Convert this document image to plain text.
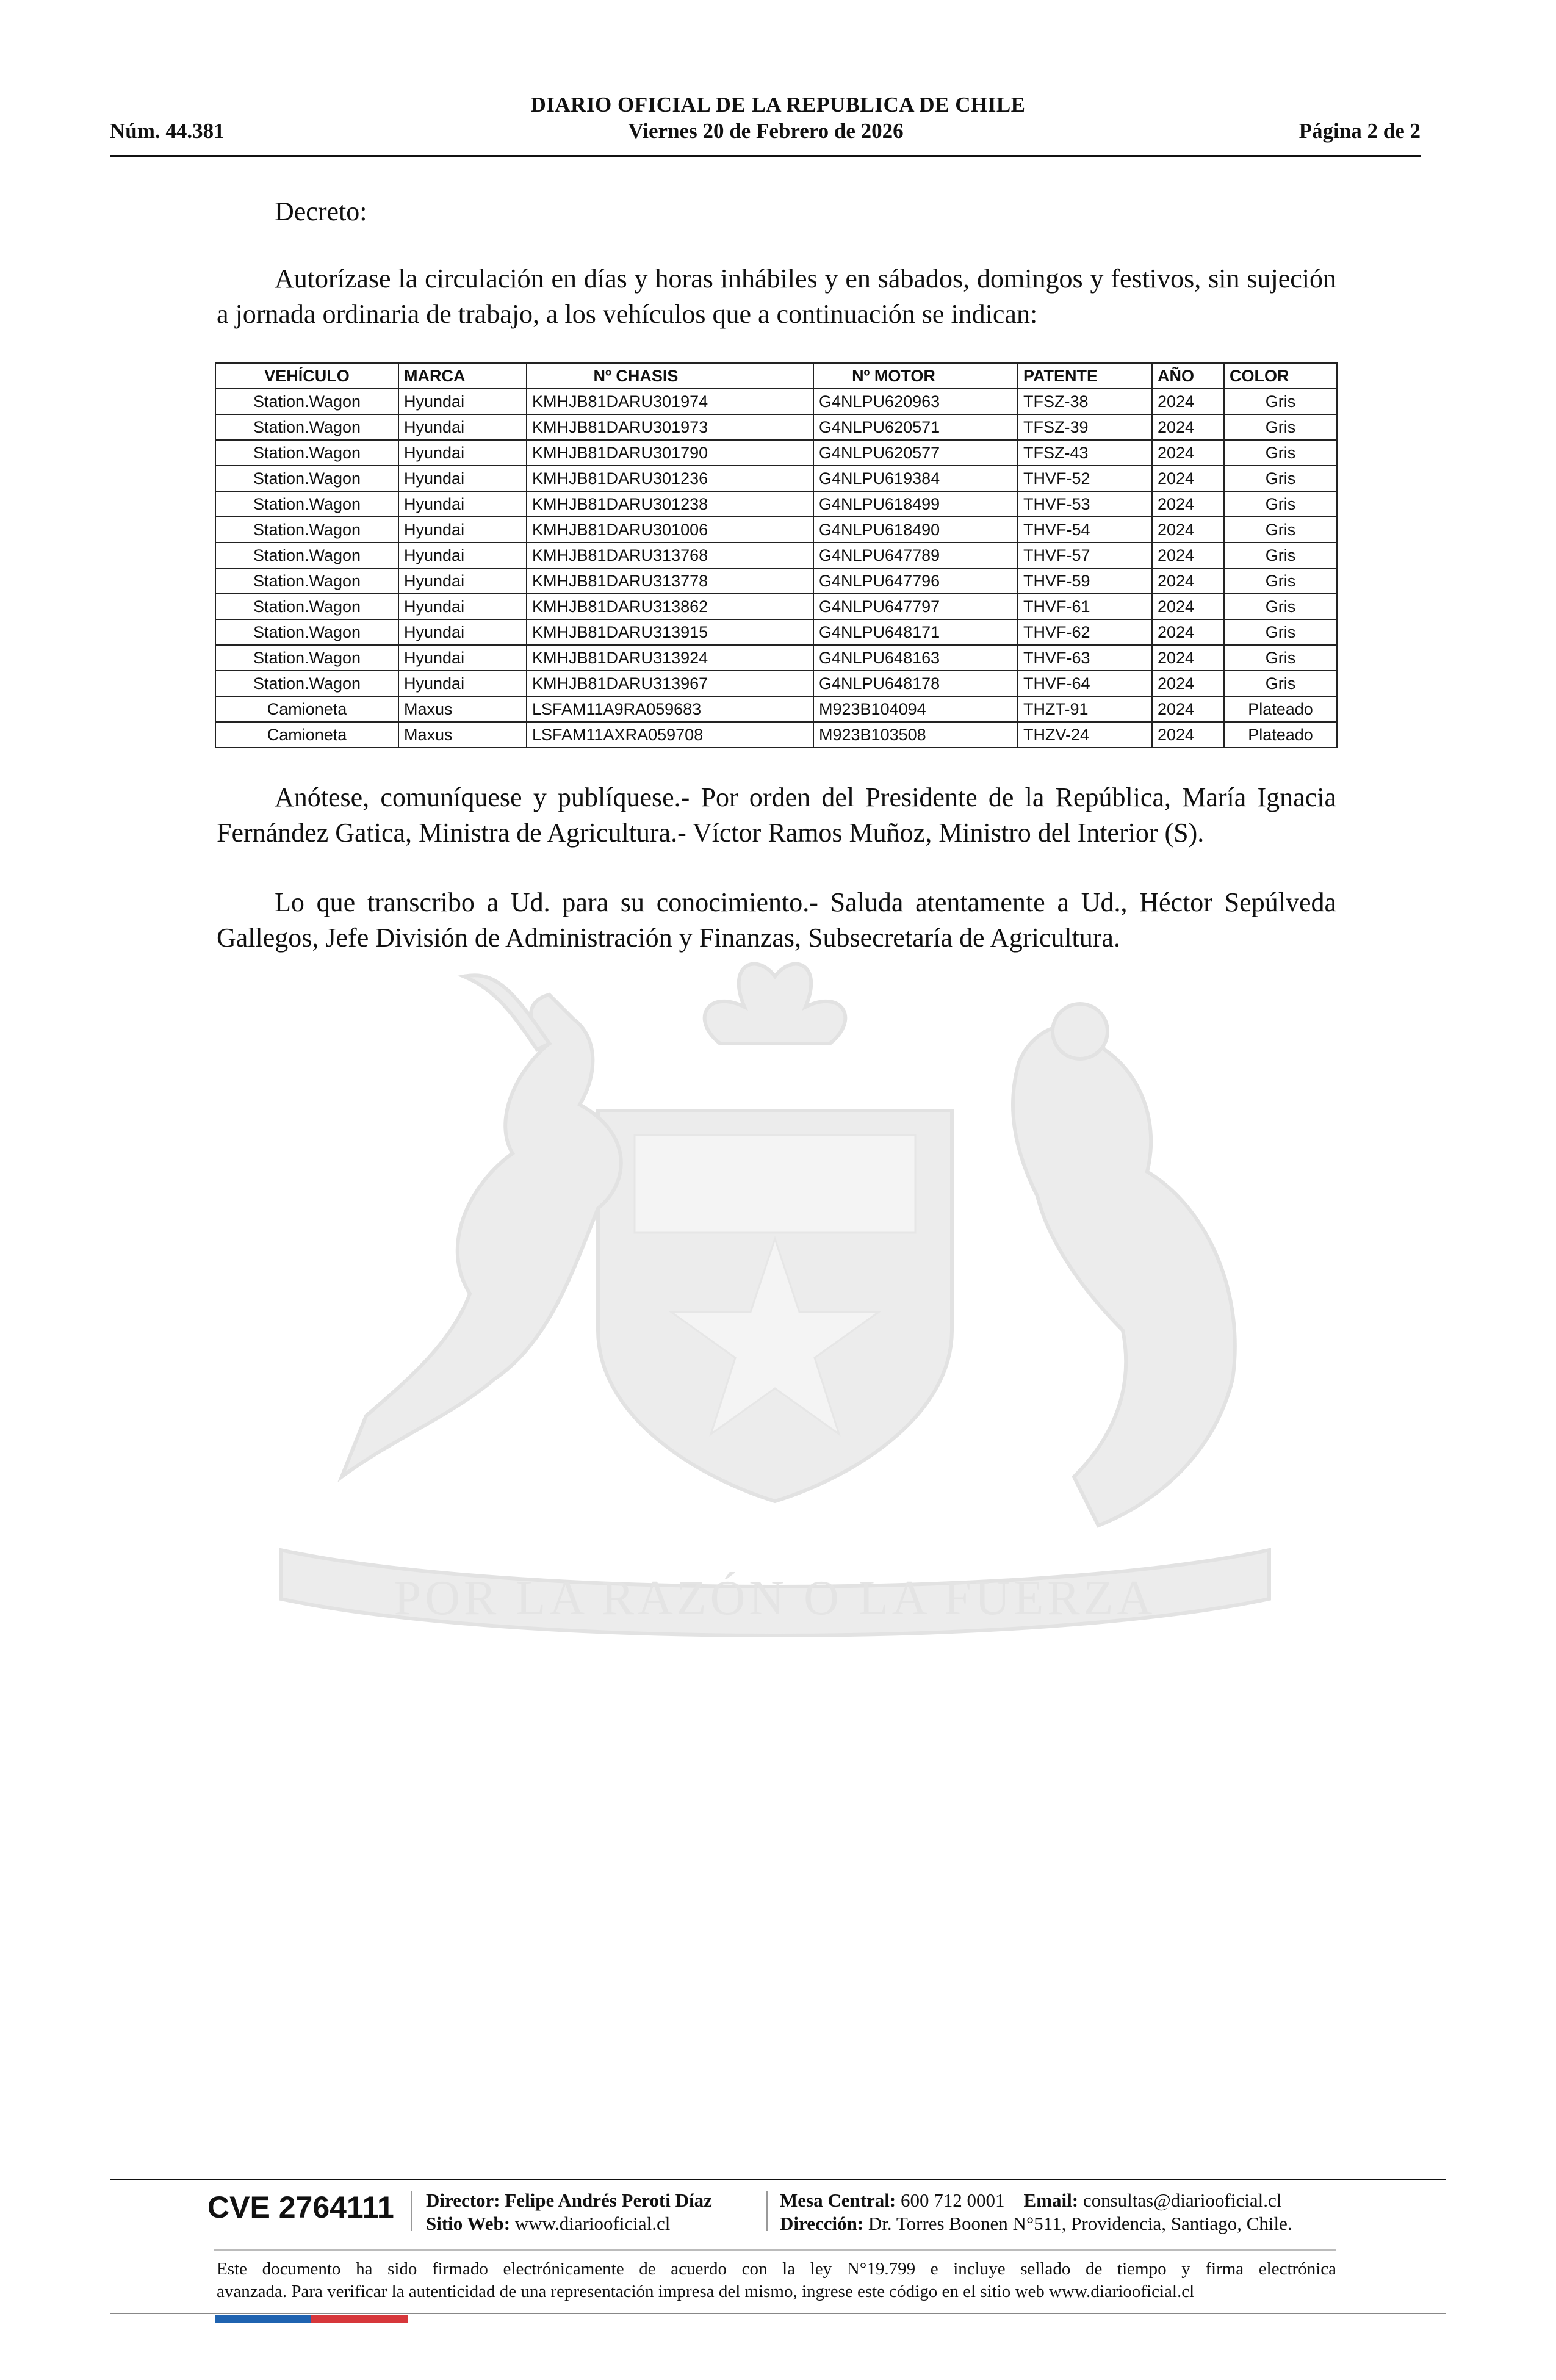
DIARIO OFICIAL DE LA REPUBLICA DE CHILE
Núm. 44.381	Viernes 20 de Febrero de 2026	Página 2 de 2
POR LA RAZÓN O LA FUERZA
Decreto:
Autorízase la circulación en días y horas inhábiles y en sábados, domingos y festivos, sin sujeción a jornada ordinaria de trabajo, a los vehículos que a continuación se indican:
VEHÍCULO	MARCA	Nº CHASIS	Nº MOTOR	PATENTE	AÑO	COLOR
Station.Wagon	Hyundai	KMHJB81DARU301974	G4NLPU620963	TFSZ-38	2024	Gris
Station.Wagon	Hyundai	KMHJB81DARU301973	G4NLPU620571	TFSZ-39	2024	Gris
Station.Wagon	Hyundai	KMHJB81DARU301790	G4NLPU620577	TFSZ-43	2024	Gris
Station.Wagon	Hyundai	KMHJB81DARU301236	G4NLPU619384	THVF-52	2024	Gris
Station.Wagon	Hyundai	KMHJB81DARU301238	G4NLPU618499	THVF-53	2024	Gris
Station.Wagon	Hyundai	KMHJB81DARU301006	G4NLPU618490	THVF-54	2024	Gris
Station.Wagon	Hyundai	KMHJB81DARU313768	G4NLPU647789	THVF-57	2024	Gris
Station.Wagon	Hyundai	KMHJB81DARU313778	G4NLPU647796	THVF-59	2024	Gris
Station.Wagon	Hyundai	KMHJB81DARU313862	G4NLPU647797	THVF-61	2024	Gris
Station.Wagon	Hyundai	KMHJB81DARU313915	G4NLPU648171	THVF-62	2024	Gris
Station.Wagon	Hyundai	KMHJB81DARU313924	G4NLPU648163	THVF-63	2024	Gris
Station.Wagon	Hyundai	KMHJB81DARU313967	G4NLPU648178	THVF-64	2024	Gris
Camioneta	Maxus	LSFAM11A9RA059683	M923B104094	THZT-91	2024	Plateado
Camioneta	Maxus	LSFAM11AXRA059708	M923B103508	THZV-24	2024	Plateado
Anótese, comuníquese y publíquese.- Por orden del Presidente de la República, María Ignacia Fernández Gatica, Ministra de Agricultura.- Víctor Ramos Muñoz, Ministro del Interior (S).
Lo que transcribo a Ud. para su conocimiento.- Saluda atentamente a Ud., Héctor Sepúlveda Gallegos, Jefe División de Administración y Finanzas, Subsecretaría de Agricultura.
CVE 2764111 Director: Felipe Andrés Peroti Díaz
Sitio Web: www.diariooficial.cl
Mesa Central: 600 712 0001 Email: consultas@diariooficial.cl
Dirección: Dr. Torres Boonen N°511, Providencia, Santiago, Chile.
Este documento ha sido firmado electrónicamente de acuerdo con la ley N°19.799 e incluye sellado de tiempo y firma electrónica
avanzada. Para verificar la autenticidad de una representación impresa del mismo, ingrese este código en el sitio web www.diariooficial.cl
